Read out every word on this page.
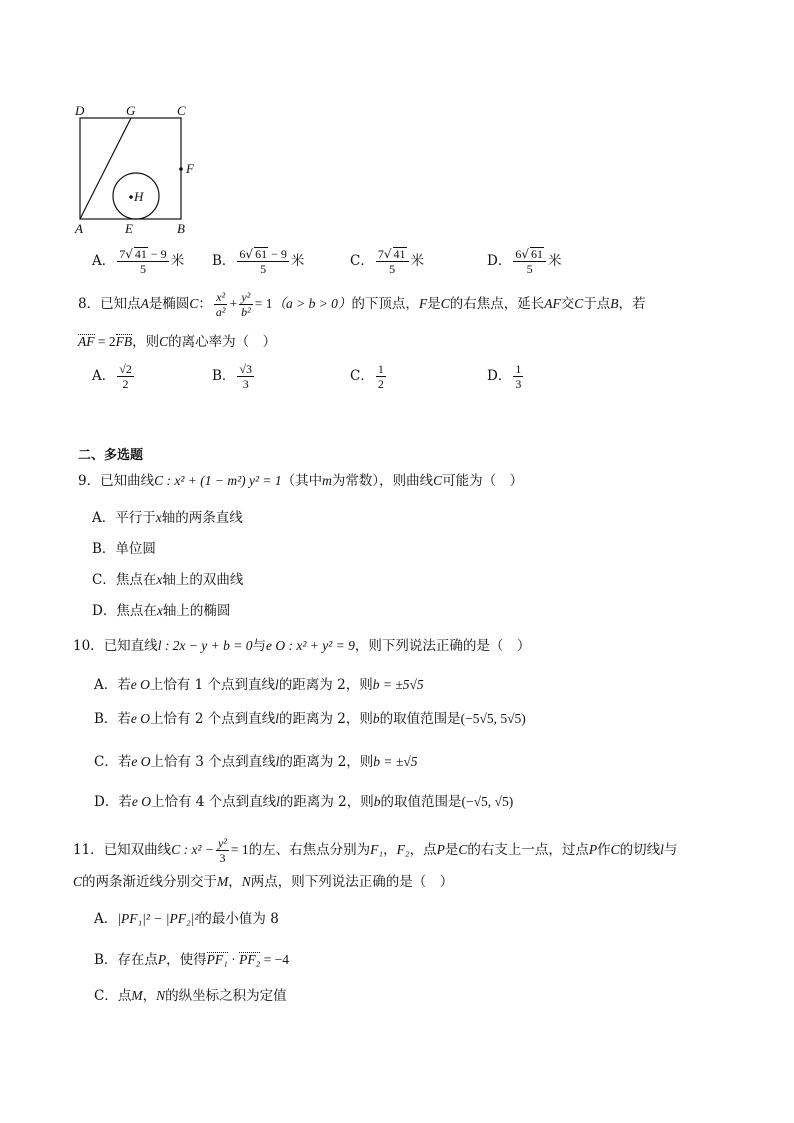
D	G	C
F
H
A	E	B
A． $\frac{7√ 41 - 9}{5}$ 米 B． $\frac{6√ 61 - 9}{5}$ 米	C． $\frac{7√ 41}{5}$ 米	D． $\frac{6√ 61}{5}$ 米
8．已知点A是椭圆C： $\frac{\text{x²}}{\text{a²}} + \frac{\text{y²}}{\text{b²}} = 1(a > b > 0)$的下顶点，F是C的右焦点，延长AF交C于点B，若
AF = 2FB，则C的离心率为（　）
A． $\frac{√2}{2}$	B． $\frac{√3}{3}$	C． $\frac{1}{2}$	D． $\frac{1}{3}$
二、多选题
9．已知曲线C : x² + (1 − m²) y² = 1（其中m为常数），则曲线C可能为（　）
A．平行于x轴的两条直线
B．单位圆
C．焦点在x轴上的双曲线
D．焦点在x轴上的椭圆
10．已知直线l : 2x − y + b = 0与e O : x² + y² = 9，则下列说法正确的是（　）
A．若e O上恰有 1 个点到直线l的距离为 2，则b = ±5√5
B．若e O上恰有 2 个点到直线l的距离为 2，则b的取值范围是(−5√5, 5√5)
C．若e O上恰有 3 个点到直线l的距离为 2，则b = ±√5
D．若e O上恰有 4 个点到直线l的距离为 2，则b的取值范围是(−√5, √5)
11．已知双曲线C : $x^2 - \frac{\text{y²}}{3} = 1$的左、右焦点分别为F₁，F₂，点P是C的右支上一点，过点P作C的切线l与
C的两条渐近线分别交于M，N两点，则下列说法正确的是（　）
A．|PF₁|² − |PF₂|²的最小值为 8
B．存在点P，使得PF₁ · PF₂ = −4
C．点M，N的纵坐标之积为定值
